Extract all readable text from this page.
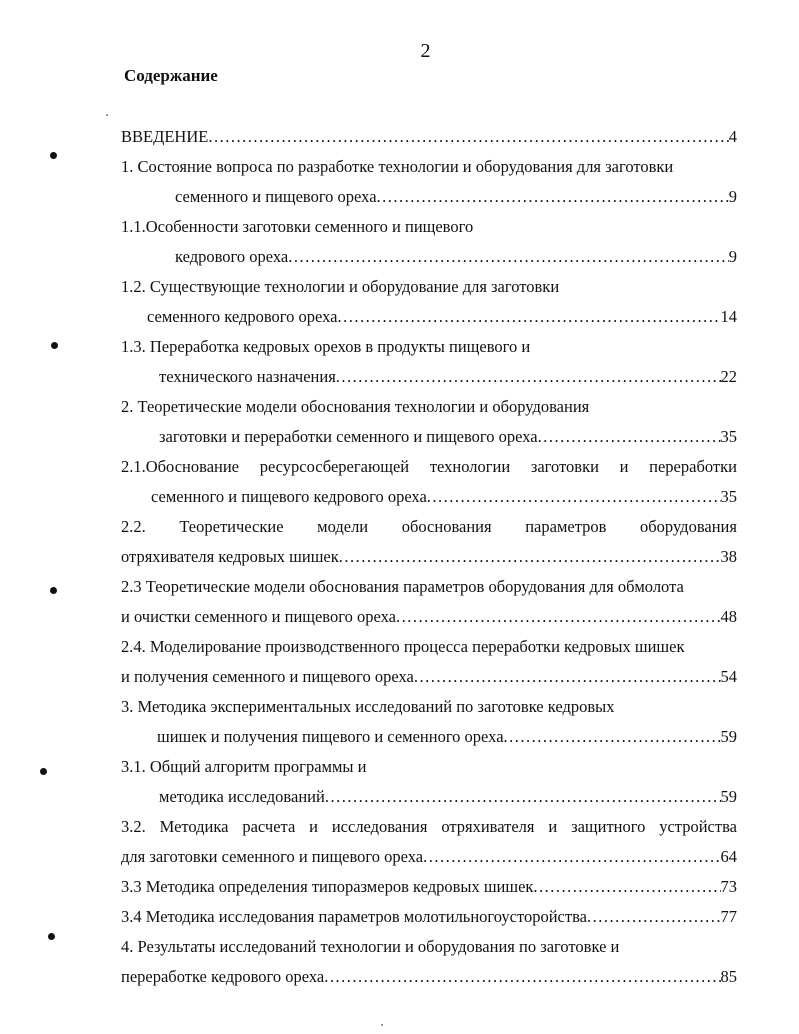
2
Содержание
ВВЕДЕНИЕ .....	4
1. Состояние вопроса по разработке технологии и оборудования для заготовки
семенного и пищевого ореха .....	9
1.1.Особенности заготовки семенного и пищевого
кедрового ореха .....	9
1.2. Существующие технологии и оборудование для заготовки
семенного кедрового ореха .....	14
1.3. Переработка кедровых орехов в продукты пищевого и
технического назначения .....	22
2. Теоретические модели обоснования технологии и оборудования
заготовки и переработки семенного и пищевого ореха .....	35
2.1.Обоснование ресурсосберегающей технологии заготовки и переработки
семенного и пищевого кедрового ореха .....	35
2.2. Теоретические модели обоснования параметров оборудования
отряхивателя кедровых шишек .....	38
2.3 Теоретические модели обоснования параметров оборудования для обмолота
и очистки семенного и пищевого ореха .....	48
2.4. Моделирование производственного процесса переработки кедровых шишек
и получения семенного и пищевого ореха .....	54
3. Методика экспериментальных исследований по заготовке кедровых
шишек и получения пищевого и семенного ореха .....	59
3.1. Общий алгоритм программы и
методика исследований .....	59
3.2. Методика расчета и исследования отряхивателя и защитного устройства
для заготовки семенного и пищевого ореха .....	64
3.3 Методика определения типоразмеров кедровых шишек .....	73
3.4 Методика исследования параметров молотильногоусторойства .....	77
4. Результаты исследований технологии и оборудования по заготовке и
переработке кедрового ореха .....	85
